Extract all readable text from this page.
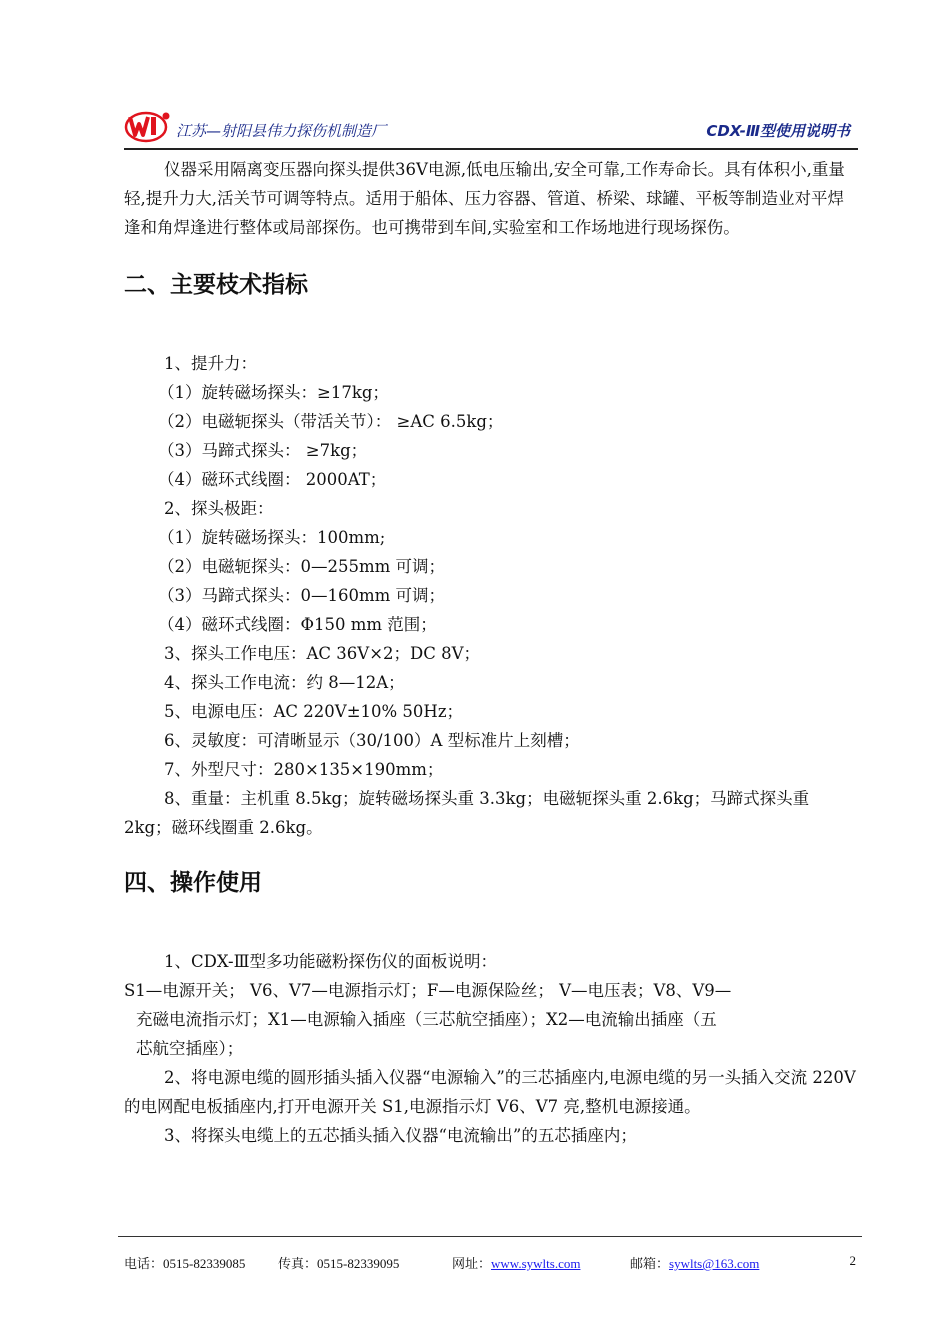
江苏—射阳县伟力探伤机制造厂	CDX-Ⅲ型使用说明书

仪器采用隔离变压器向探头提供36V电源,低电压输出,安全可靠,工作寿命长。具有体积小,重量轻,提升力大,活关节可调等特点。适用于船体、压力容器、管道、桥梁、球罐、平板等制造业对平焊逢和角焊逢进行整体或局部探伤。也可携带到车间,实验室和工作场地进行现场探伤。

二、主要枝术指标

1、提升力：

（1）旋转磁场探头：≥17kg；

（2）电磁轭探头（带活关节）： ≥AC 6.5kg；

（3）马蹄式探头： ≥7kg；

（4）磁环式线圈： 2000AT；

2、探头极距：

（1）旋转磁场探头：100mm;

（2）电磁轭探头：0—255mm 可调；

（3）马蹄式探头：0—160mm 可调；

（4）磁环式线圈：Φ150 mm 范围；

3、探头工作电压：AC 36V×2；DC 8V；

4、探头工作电流：约 8—12A；

5、电源电压：AC 220V±10% 50Hz；

6、灵敏度：可清晰显示（30/100）A 型标准片上刻槽；

7、外型尺寸：280×135×190mm；

8、重量：主机重 8.5kg；旋转磁场探头重 3.3kg；电磁轭探头重 2.6kg；马蹄式探头重 2kg；磁环线圈重 2.6kg。

四、操作使用

1、CDX-Ⅲ型多功能磁粉探伤仪的面板说明：

S1—电源开关； V6、V7—电源指示灯；F—电源保险丝； V—电压表；V8、V9—

充磁电流指示灯；X1—电源输入插座（三芯航空插座）；X2—电流输出插座（五

芯航空插座）；

2、将电源电缆的圆形插头插入仪器“电源输入”的三芯插座内,电源电缆的另一头插入交流 220V 的电网配电板插座内,打开电源开关 S1,电源指示灯 V6、V7 亮,整机电源接通。

3、将探头电缆上的五芯插头插入仪器“电流输出”的五芯插座内；

电话：0515-82339085	传真：0515-82339095	网址：www.sywlts.com	邮箱：sywlts@163.com	2
